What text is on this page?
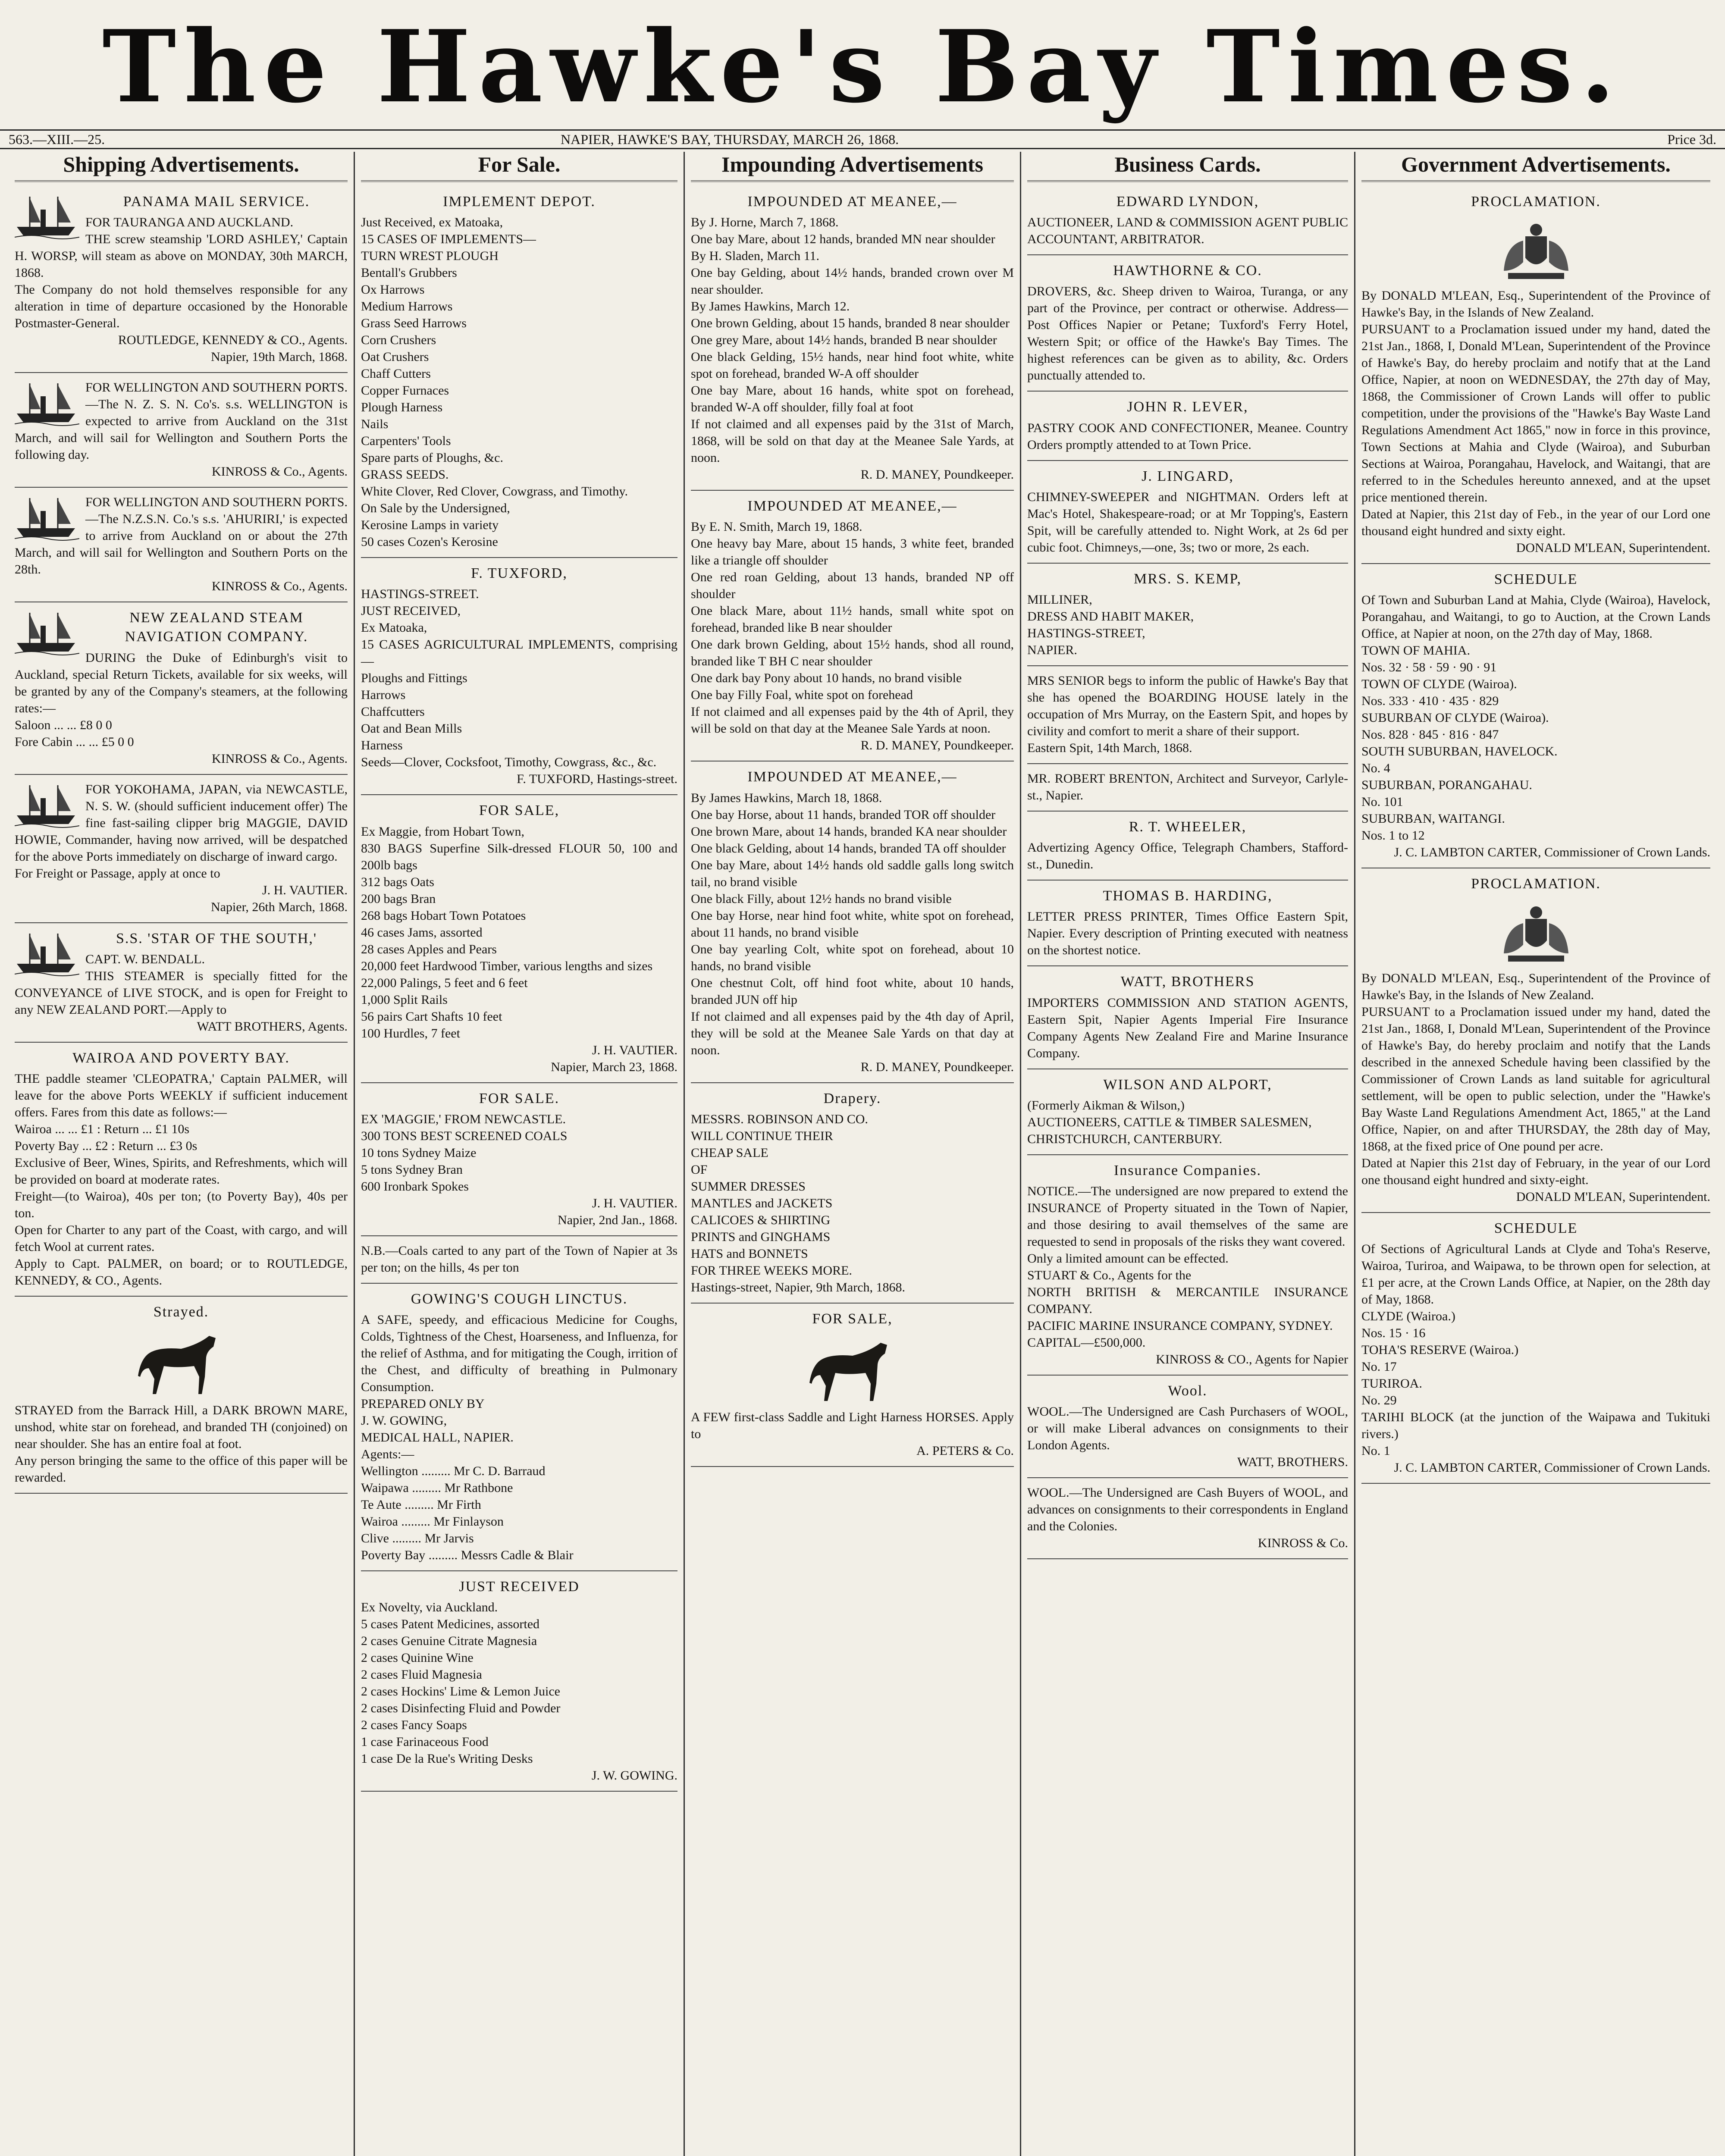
The Hawke's Bay Times.
563.—XIII.—25.	NAPIER, HAWKE'S BAY, THURSDAY, MARCH 26, 1868.	Price 3d.
Shipping Advertisements.
PANAMA MAIL SERVICE.
FOR TAURANGA AND AUCKLAND.
THE screw steamship 'LORD ASHLEY,' Captain H. WORSP, will steam as above on MONDAY, 30th MARCH, 1868.
The Company do not hold themselves responsible for any alteration in time of departure occasioned by the Honorable Postmaster-General.
ROUTLEDGE, KENNEDY & CO., Agents.
Napier, 19th March, 1868.
FOR WELLINGTON AND SOUTHERN PORTS.—The N. Z. S. N. Co's. s.s. WELLINGTON is expected to arrive from Auckland on the 31st March, and will sail for Wellington and Southern Ports the following day.
KINROSS & Co., Agents.
FOR WELLINGTON AND SOUTHERN PORTS.—The N.Z.S.N. Co.'s s.s. 'AHURIRI,' is expected to arrive from Auckland on or about the 27th March, and will sail for Wellington and Southern Ports on the 28th.
KINROSS & Co., Agents.
NEW ZEALAND STEAM NAVIGATION COMPANY.
DURING the Duke of Edinburgh's visit to Auckland, special Return Tickets, available for six weeks, will be granted by any of the Company's steamers, at the following rates:—
Saloon ... ... £8 0 0
Fore Cabin ... ... £5 0 0
KINROSS & Co., Agents.
FOR YOKOHAMA, JAPAN, via NEWCASTLE, N. S. W. (should sufficient inducement offer) The fine fast-sailing clipper brig MAGGIE, DAVID HOWIE, Commander, having now arrived, will be despatched for the above Ports immediately on discharge of inward cargo.
For Freight or Passage, apply at once to
J. H. VAUTIER.
Napier, 26th March, 1868.
S.S. 'STAR OF THE SOUTH,'
CAPT. W. BENDALL.
THIS STEAMER is specially fitted for the CONVEYANCE of LIVE STOCK, and is open for Freight to any NEW ZEALAND PORT.—Apply to
WATT BROTHERS, Agents.
WAIROA AND POVERTY BAY.
THE paddle steamer 'CLEOPATRA,' Captain PALMER, will leave for the above Ports WEEKLY if sufficient inducement offers. Fares from this date as follows:—
Wairoa ... ... £1 : Return ... £1 10s
Poverty Bay ... £2 : Return ... £3 0s
Exclusive of Beer, Wines, Spirits, and Refreshments, which will be provided on board at moderate rates.
Freight—(to Wairoa), 40s per ton; (to Poverty Bay), 40s per ton.
Open for Charter to any part of the Coast, with cargo, and will fetch Wool at current rates.
Apply to Capt. PALMER, on board; or to ROUTLEDGE, KENNEDY, & CO., Agents.
Strayed.
STRAYED from the Barrack Hill, a DARK BROWN MARE, unshod, white star on forehead, and branded TH (conjoined) on near shoulder. She has an entire foal at foot.
Any person bringing the same to the office of this paper will be rewarded.
For Sale.
IMPLEMENT DEPOT.
Just Received, ex Matoaka,
15 CASES OF IMPLEMENTS—
TURN WREST PLOUGH
Bentall's Grubbers
Ox Harrows
Medium Harrows
Grass Seed Harrows
Corn Crushers
Oat Crushers
Chaff Cutters
Copper Furnaces
Plough Harness
Nails
Carpenters' Tools
Spare parts of Ploughs, &c.
GRASS SEEDS.
White Clover, Red Clover, Cowgrass, and Timothy.
On Sale by the Undersigned,
Kerosine Lamps in variety
50 cases Cozen's Kerosine
F. TUXFORD,
HASTINGS-STREET.
JUST RECEIVED,
Ex Matoaka,
15 CASES AGRICULTURAL IMPLEMENTS, comprising—
Ploughs and Fittings
Harrows
Chaffcutters
Oat and Bean Mills
Harness
Seeds—Clover, Cocksfoot, Timothy, Cowgrass, &c., &c.
F. TUXFORD, Hastings-street.
FOR SALE,
Ex Maggie, from Hobart Town,
830 BAGS Superfine Silk-dressed FLOUR 50, 100 and 200lb bags
312 bags Oats
200 bags Bran
268 bags Hobart Town Potatoes
46 cases Jams, assorted
28 cases Apples and Pears
20,000 feet Hardwood Timber, various lengths and sizes
22,000 Palings, 5 feet and 6 feet
1,000 Split Rails
56 pairs Cart Shafts 10 feet
100 Hurdles, 7 feet
J. H. VAUTIER.
Napier, March 23, 1868.
FOR SALE.
EX 'MAGGIE,' FROM NEWCASTLE.
300 TONS BEST SCREENED COALS
10 tons Sydney Maize
5 tons Sydney Bran
600 Ironbark Spokes
J. H. VAUTIER.
Napier, 2nd Jan., 1868.
N.B.—Coals carted to any part of the Town of Napier at 3s per ton; on the hills, 4s per ton
GOWING'S COUGH LINCTUS.
A SAFE, speedy, and efficacious Medicine for Coughs, Colds, Tightness of the Chest, Hoarseness, and Influenza, for the relief of Asthma, and for mitigating the Cough, irrition of the Chest, and difficulty of breathing in Pulmonary Consumption.
PREPARED ONLY BY
J. W. GOWING,
MEDICAL HALL, NAPIER.
Agents:—
Wellington ......... Mr C. D. Barraud
Waipawa ......... Mr Rathbone
Te Aute ......... Mr Firth
Wairoa ......... Mr Finlayson
Clive ......... Mr Jarvis
Poverty Bay ......... Messrs Cadle & Blair
JUST RECEIVED
Ex Novelty, via Auckland.
5 cases Patent Medicines, assorted
2 cases Genuine Citrate Magnesia
2 cases Quinine Wine
2 cases Fluid Magnesia
2 cases Hockins' Lime & Lemon Juice
2 cases Disinfecting Fluid and Powder
2 cases Fancy Soaps
1 case Farinaceous Food
1 case De la Rue's Writing Desks
J. W. GOWING.
Impounding Advertisements
IMPOUNDED AT MEANEE,—
By J. Horne, March 7, 1868.
One bay Mare, about 12 hands, branded MN near shoulder
By H. Sladen, March 11.
One bay Gelding, about 14½ hands, branded crown over M near shoulder.
By James Hawkins, March 12.
One brown Gelding, about 15 hands, branded 8 near shoulder
One grey Mare, about 14½ hands, branded B near shoulder
One black Gelding, 15½ hands, near hind foot white, white spot on forehead, branded W-A off shoulder
One bay Mare, about 16 hands, white spot on forehead, branded W-A off shoulder, filly foal at foot
If not claimed and all expenses paid by the 31st of March, 1868, will be sold on that day at the Meanee Sale Yards, at noon.
R. D. MANEY, Poundkeeper.
IMPOUNDED AT MEANEE,—
By E. N. Smith, March 19, 1868.
One heavy bay Mare, about 15 hands, 3 white feet, branded like a triangle off shoulder
One red roan Gelding, about 13 hands, branded NP off shoulder
One black Mare, about 11½ hands, small white spot on forehead, branded like B near shoulder
One dark brown Gelding, about 15½ hands, shod all round, branded like T BH C near shoulder
One dark bay Pony about 10 hands, no brand visible
One bay Filly Foal, white spot on forehead
If not claimed and all expenses paid by the 4th of April, they will be sold on that day at the Meanee Sale Yards at noon.
R. D. MANEY, Poundkeeper.
IMPOUNDED AT MEANEE,—
By James Hawkins, March 18, 1868.
One bay Horse, about 11 hands, branded TOR off shoulder
One brown Mare, about 14 hands, branded KA near shoulder
One black Gelding, about 14 hands, branded TA off shoulder
One bay Mare, about 14½ hands old saddle galls long switch tail, no brand visible
One black Filly, about 12½ hands no brand visible
One bay Horse, near hind foot white, white spot on forehead, about 11 hands, no brand visible
One bay yearling Colt, white spot on forehead, about 10 hands, no brand visible
One chestnut Colt, off hind foot white, about 10 hands, branded JUN off hip
If not claimed and all expenses paid by the 4th day of April, they will be sold at the Meanee Sale Yards on that day at noon.
R. D. MANEY, Poundkeeper.
Drapery.
MESSRS. ROBINSON AND CO.
WILL CONTINUE THEIR
CHEAP SALE
OF
SUMMER DRESSES
MANTLES and JACKETS
CALICOES & SHIRTING
PRINTS and GINGHAMS
HATS and BONNETS
FOR THREE WEEKS MORE.
Hastings-street, Napier, 9th March, 1868.
FOR SALE,
A FEW first-class Saddle and Light Harness HORSES. Apply to
A. PETERS & Co.
Business Cards.
EDWARD LYNDON,
AUCTIONEER, LAND & COMMISSION AGENT PUBLIC ACCOUNTANT, ARBITRATOR.
HAWTHORNE & CO.
DROVERS, &c. Sheep driven to Wairoa, Turanga, or any part of the Province, per contract or otherwise. Address—Post Offices Napier or Petane; Tuxford's Ferry Hotel, Western Spit; or office of the Hawke's Bay Times. The highest references can be given as to ability, &c. Orders punctually attended to.
JOHN R. LEVER,
PASTRY COOK AND CONFECTIONER, Meanee. Country Orders promptly attended to at Town Price.
J. LINGARD,
CHIMNEY-SWEEPER and NIGHTMAN. Orders left at Mac's Hotel, Shakespeare-road; or at Mr Topping's, Eastern Spit, will be carefully attended to. Night Work, at 2s 6d per cubic foot. Chimneys,—one, 3s; two or more, 2s each.
MRS. S. KEMP,
MILLINER,
DRESS AND HABIT MAKER,
HASTINGS-STREET,
NAPIER.
MRS SENIOR begs to inform the public of Hawke's Bay that she has opened the BOARDING HOUSE lately in the occupation of Mrs Murray, on the Eastern Spit, and hopes by civility and comfort to merit a share of their support.
Eastern Spit, 14th March, 1868.
MR. ROBERT BRENTON, Architect and Surveyor, Carlyle-st., Napier.
R. T. WHEELER,
Advertizing Agency Office, Telegraph Chambers, Stafford-st., Dunedin.
THOMAS B. HARDING,
LETTER PRESS PRINTER, Times Office Eastern Spit, Napier. Every description of Printing executed with neatness on the shortest notice.
WATT, BROTHERS
IMPORTERS COMMISSION AND STATION AGENTS, Eastern Spit, Napier Agents Imperial Fire Insurance Company Agents New Zealand Fire and Marine Insurance Company.
WILSON AND ALPORT,
(Formerly Aikman & Wilson,)
AUCTIONEERS, CATTLE & TIMBER SALESMEN,
CHRISTCHURCH, CANTERBURY.
Insurance Companies.
NOTICE.—The undersigned are now prepared to extend the INSURANCE of Property situated in the Town of Napier, and those desiring to avail themselves of the same are requested to send in proposals of the risks they want covered.
Only a limited amount can be effected.
STUART & Co., Agents for the
NORTH BRITISH & MERCANTILE INSURANCE COMPANY.
PACIFIC MARINE INSURANCE COMPANY, SYDNEY.
CAPITAL—£500,000.
KINROSS & CO., Agents for Napier
Wool.
WOOL.—The Undersigned are Cash Purchasers of WOOL, or will make Liberal advances on consignments to their London Agents.
WATT, BROTHERS.
WOOL.—The Undersigned are Cash Buyers of WOOL, and advances on consignments to their correspondents in England and the Colonies.
KINROSS & Co.
Government Advertisements.
PROCLAMATION.
By DONALD M'LEAN, Esq., Superintendent of the Province of Hawke's Bay, in the Islands of New Zealand.
PURSUANT to a Proclamation issued under my hand, dated the 21st Jan., 1868, I, Donald M'Lean, Superintendent of the Province of Hawke's Bay, do hereby proclaim and notify that at the Land Office, Napier, at noon on WEDNESDAY, the 27th day of May, 1868, the Commissioner of Crown Lands will offer to public competition, under the provisions of the "Hawke's Bay Waste Land Regulations Amendment Act 1865," now in force in this province, Town Sections at Mahia and Clyde (Wairoa), and Suburban Sections at Wairoa, Porangahau, Havelock, and Waitangi, that are referred to in the Schedules hereunto annexed, and at the upset price mentioned therein.
Dated at Napier, this 21st day of Feb., in the year of our Lord one thousand eight hundred and sixty eight.
DONALD M'LEAN, Superintendent.
SCHEDULE
Of Town and Suburban Land at Mahia, Clyde (Wairoa), Havelock, Porangahau, and Waitangi, to go to Auction, at the Crown Lands Office, at Napier at noon, on the 27th day of May, 1868.
TOWN OF MAHIA.
Nos. 32 · 58 · 59 · 90 · 91
TOWN OF CLYDE (Wairoa).
Nos. 333 · 410 · 435 · 829
SUBURBAN OF CLYDE (Wairoa).
Nos. 828 · 845 · 816 · 847
SOUTH SUBURBAN, HAVELOCK.
No. 4
SUBURBAN, PORANGAHAU.
No. 101
SUBURBAN, WAITANGI.
Nos. 1 to 12
J. C. LAMBTON CARTER, Commissioner of Crown Lands.
PROCLAMATION.
By DONALD M'LEAN, Esq., Superintendent of the Province of Hawke's Bay, in the Islands of New Zealand.
PURSUANT to a Proclamation issued under my hand, dated the 21st Jan., 1868, I, Donald M'Lean, Superintendent of the Province of Hawke's Bay, do hereby proclaim and notify that the Lands described in the annexed Schedule having been classified by the Commissioner of Crown Lands as land suitable for agricultural settlement, will be open to public selection, under the "Hawke's Bay Waste Land Regulations Amendment Act, 1865," at the Land Office, Napier, on and after THURSDAY, the 28th day of May, 1868, at the fixed price of One pound per acre.
Dated at Napier this 21st day of February, in the year of our Lord one thousand eight hundred and sixty-eight.
DONALD M'LEAN, Superintendent.
SCHEDULE
Of Sections of Agricultural Lands at Clyde and Toha's Reserve, Wairoa, Turiroa, and Waipawa, to be thrown open for selection, at £1 per acre, at the Crown Lands Office, at Napier, on the 28th day of May, 1868.
CLYDE (Wairoa.)
Nos. 15 · 16
TOHA'S RESERVE (Wairoa.)
No. 17
TURIROA.
No. 29
TARIHI BLOCK (at the junction of the Waipawa and Tukituki rivers.)
No. 1
J. C. LAMBTON CARTER, Commissioner of Crown Lands.
